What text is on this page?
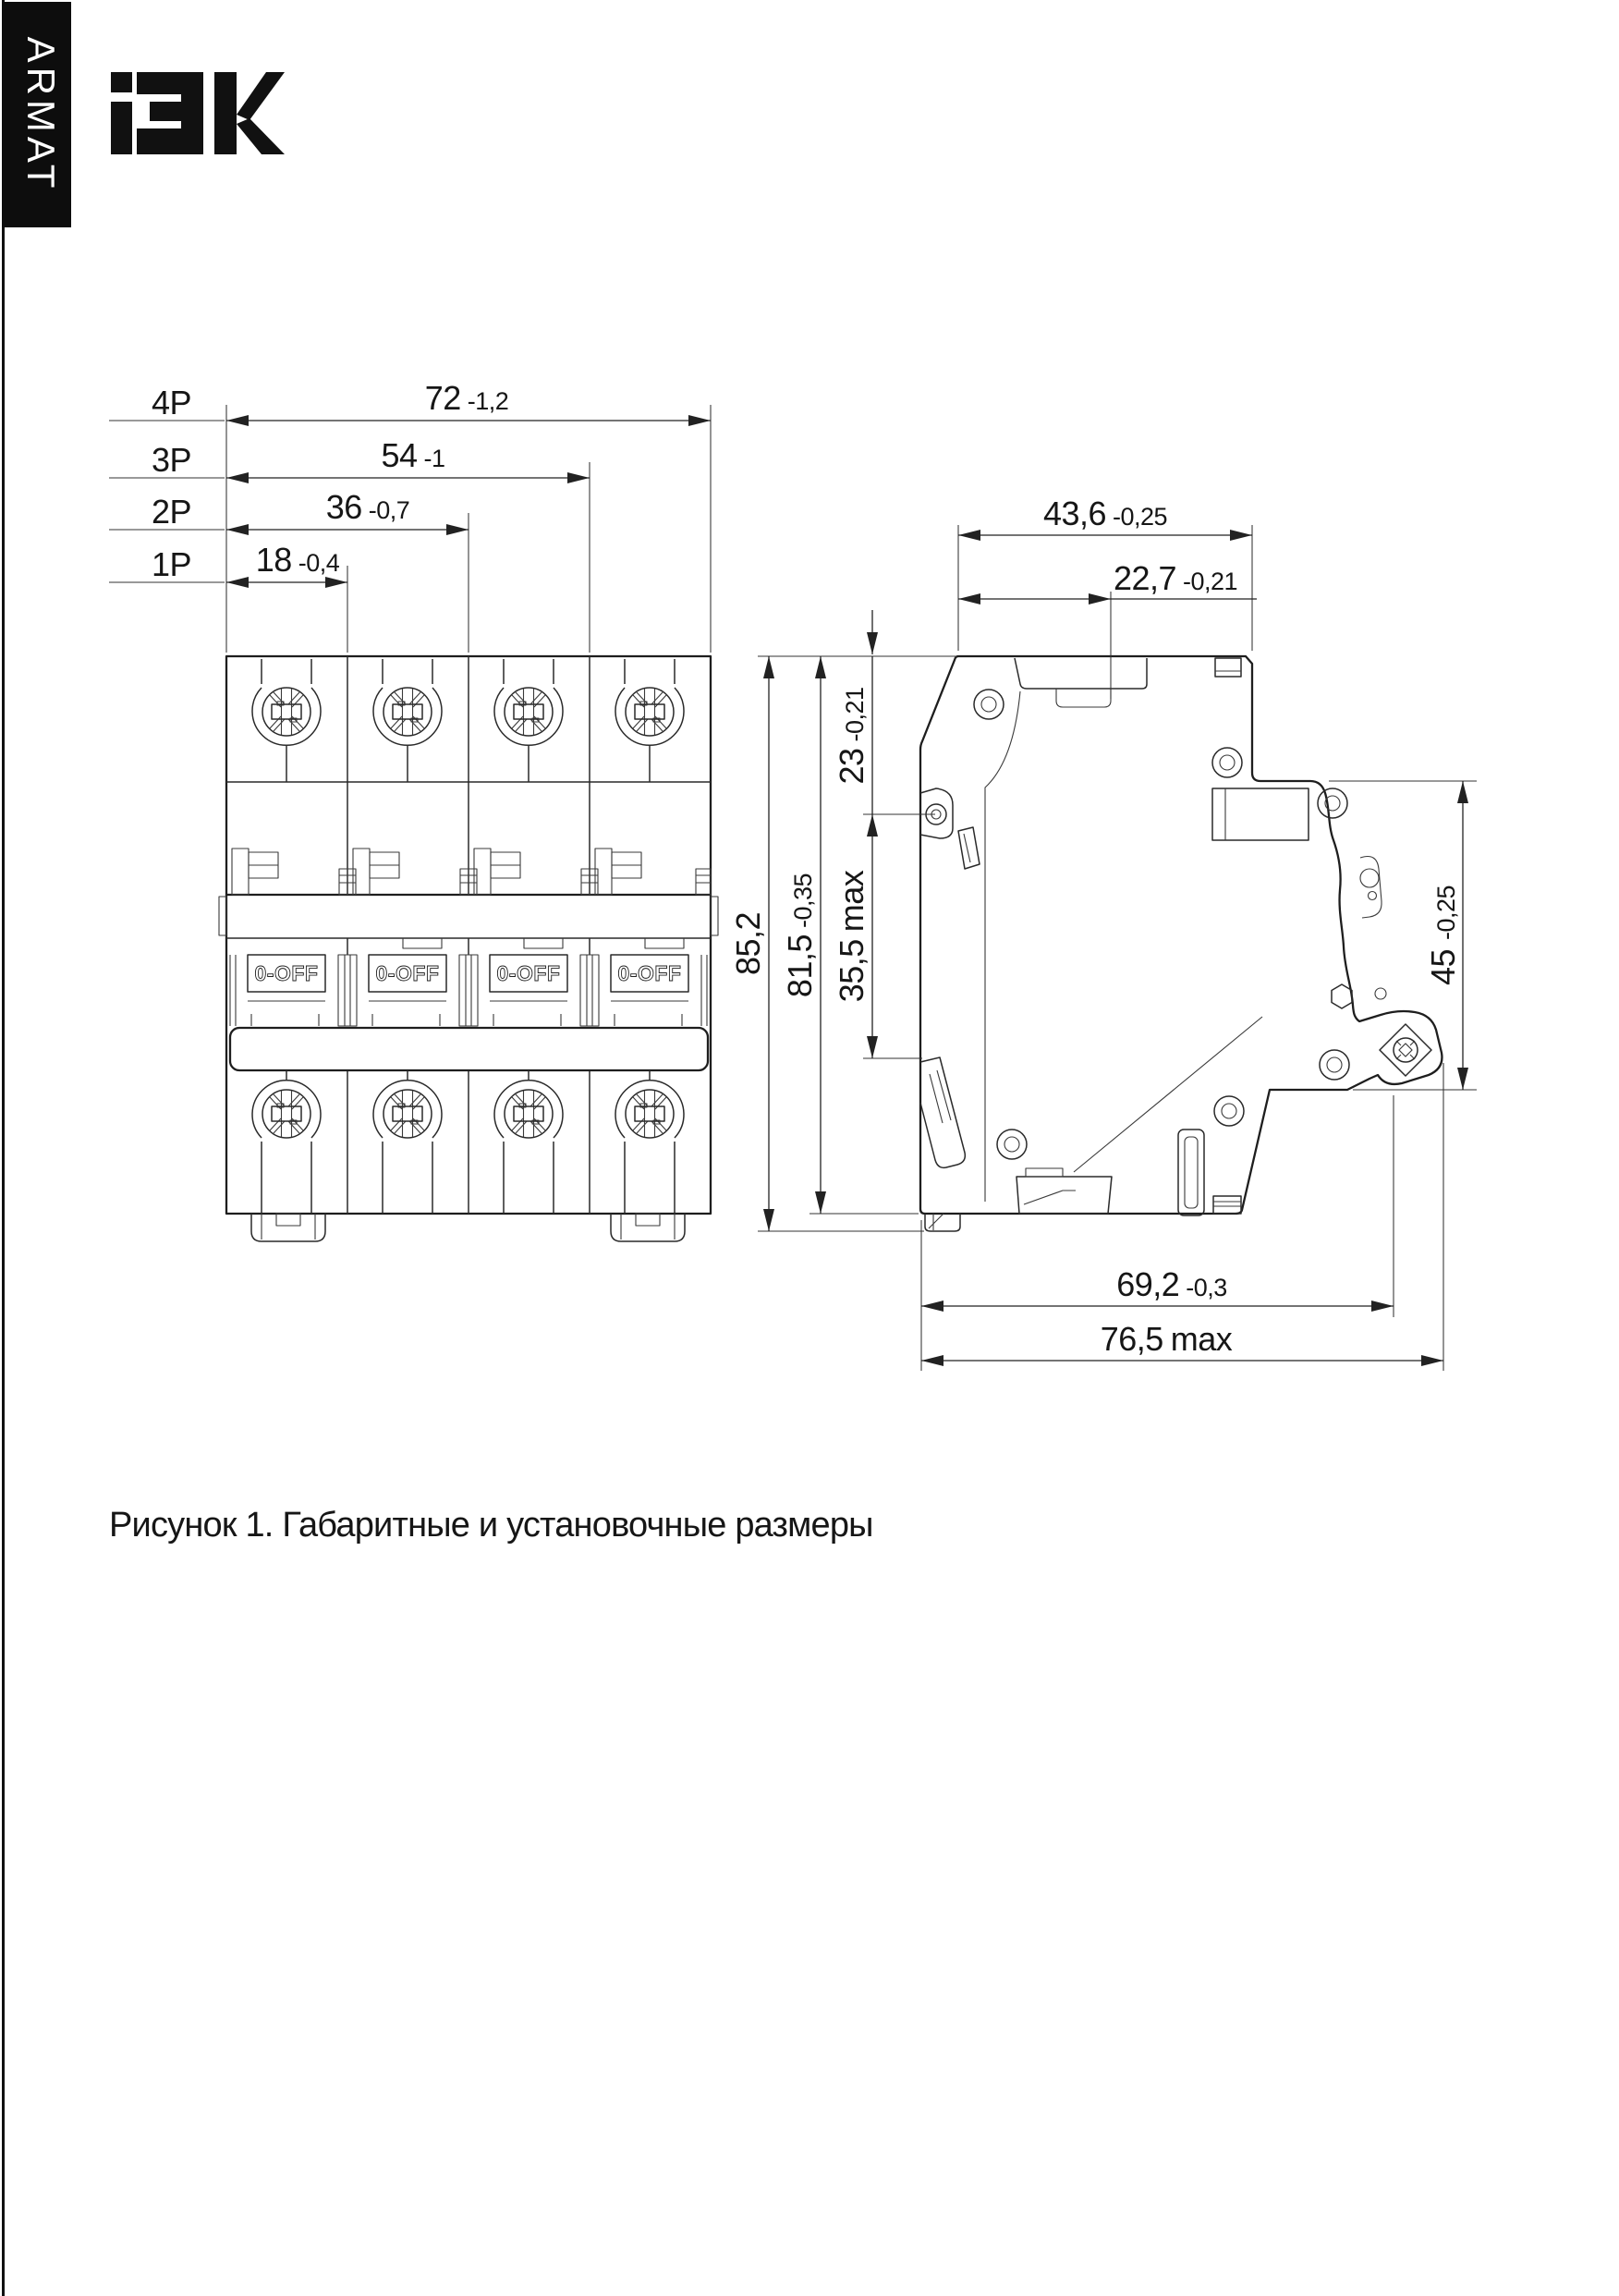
ARMAT
0-OFF	0-OFF	0-OFF	0-OFF
4P
3P
2P
1P
72 -1,2
54 -1
36 -0,7
18 -0,4
43,6 -0,25
22,7 -0,21
23-0,21
35,5max
81,5-0,35
85,2	45-0,25
69,2 -0,3
76,5 max
Рисунок 1. Габаритные и установочные размеры
